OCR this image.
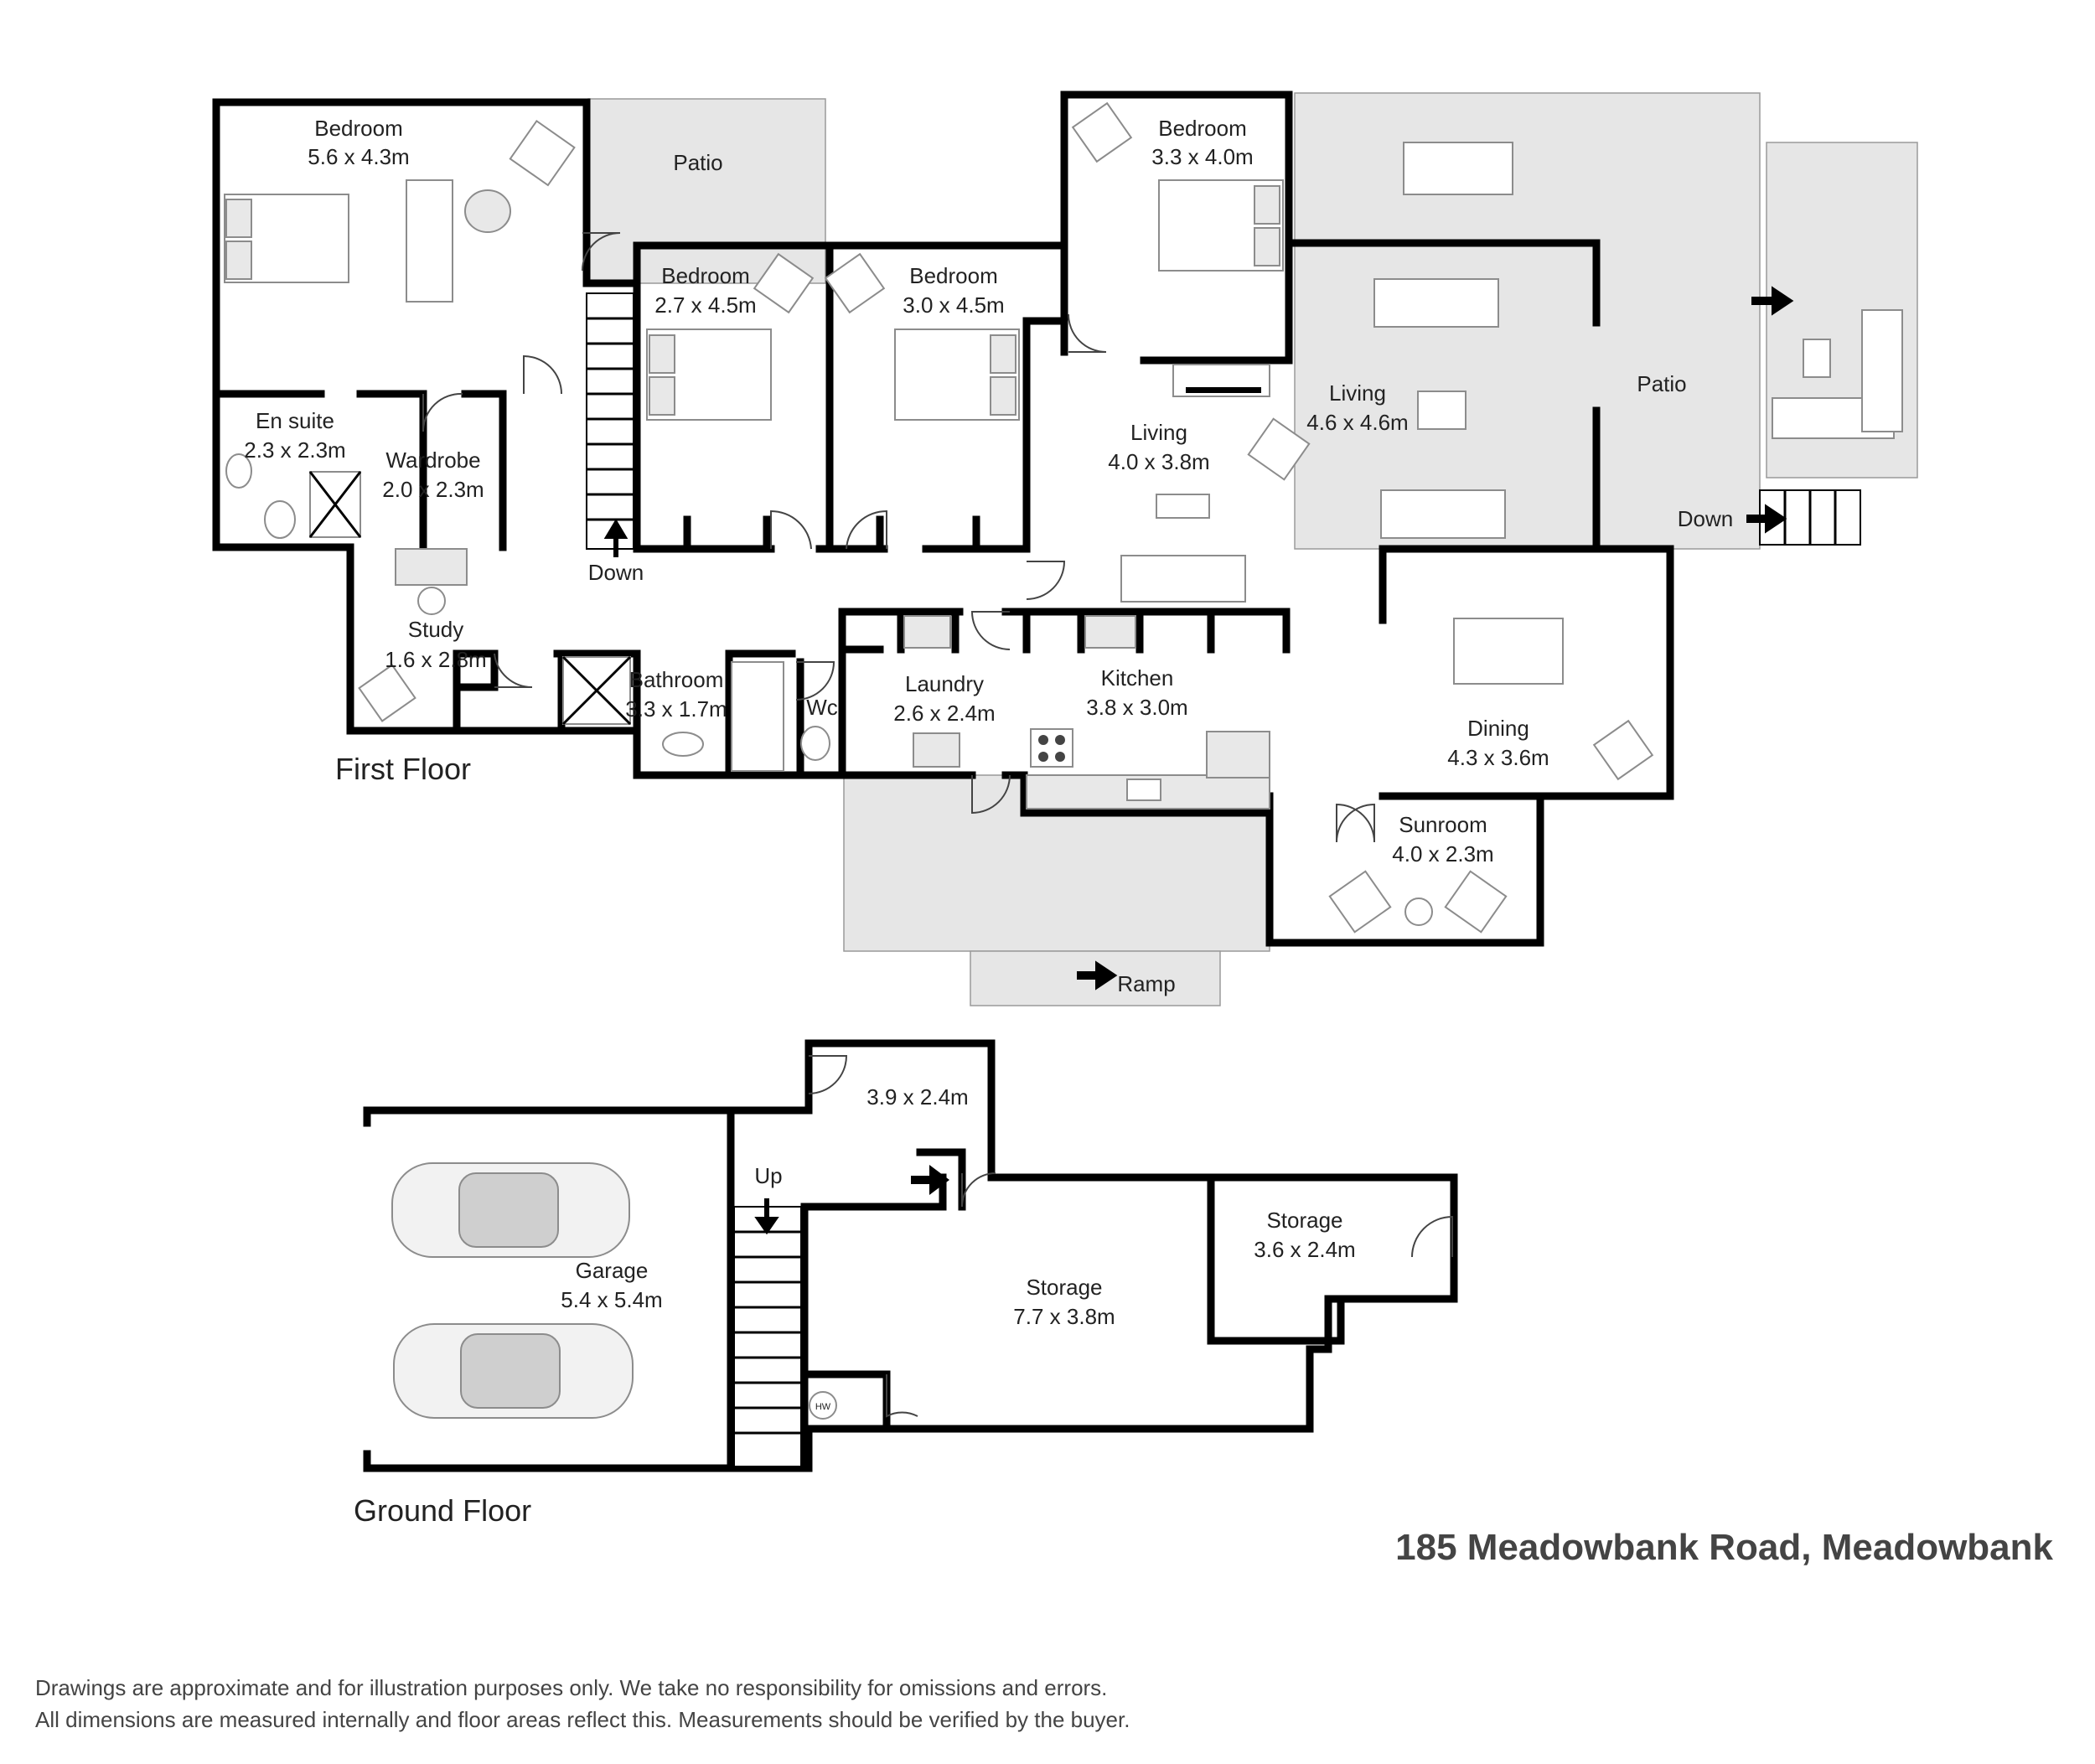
HW
Bedroom
5.6 x 4.3m
En suite
2.3 x 2.3m Wardrobe
2.0 x 2.3m
Study
1.6 x 2.8m
Bedroom
2.7 x 4.5m
Bedroom
3.0 x 4.5m
Bedroom
3.3 x 4.0m
Living
4.0 x 3.8m
Living
4.6 x 4.6m
Bathroom
3.3 x 1.7m	Wc
Laundry
2.6 x 2.4m
Kitchen
3.8 x 3.0m
Dining
4.3 x 3.6m
Sunroom
4.0 x 2.3m
Patio
Patio
Down
Down
Ramp
First Floor
Garage
5.4 x 5.4m
3.9 x 2.4m
Storage
7.7 x 3.8m
Storage
3.6 x 2.4m
Up
Ground Floor
185 Meadowbank Road, Meadowbank
Drawings are approximate and for illustration purposes only. We take no responsibility for omissions and errors.
All dimensions are measured internally and floor areas reflect this. Measurements should be verified by the buyer.
